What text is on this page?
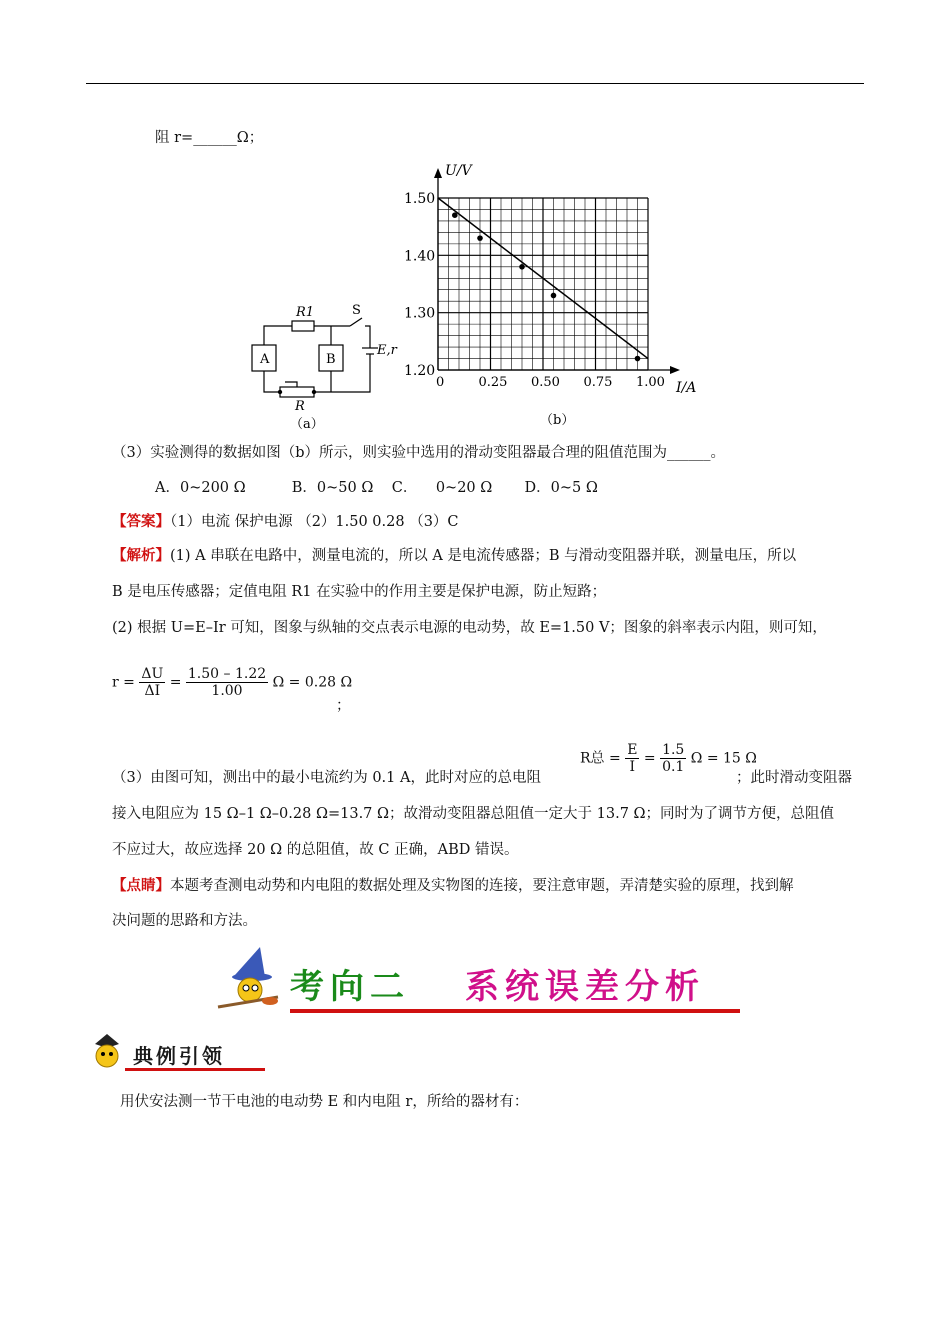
阻 r=______Ω；
A	B
R1	S
E,r
R
（a）
U/V
I/A
1.50
1.40
1.30
1.20
0	0.25 0.50 0.75 1.00
（b）
（3）实验测得的数据如图（b）所示，则实验中选用的滑动变阻器最合理的阻值范围为______。
A．0~200 Ω          B．0~50 Ω    C．    0~20 Ω       D．0~5 Ω
【答案】（1）电流 保护电源 （2）1.50 0.28 （3）C
【解析】(1) A 串联在电路中，测量电流的，所以 A 是电流传感器；B 与滑动变阻器并联，测量电压，所以
B 是电压传感器；定值电阻 R1 在实验中的作用主要是保护电源，防止短路；
(2) 根据 U=E–Ir 可知，图象与纵轴的交点表示电源的电动势，故 E=1.50 V；图象的斜率表示内阻，则可知，
$r = \frac{\Delta U}{\Delta I} = \frac{1.50 - 1.22}{1.00}$ Ω = 0.28 Ω
；
（3）由图可知，测出中的最小电流约为 0.1 A，此时对应的总电阻
R总 = $\frac{E}{I} = \frac{1.5}{0.1}$ Ω = 15 Ω
；此时滑动变阻器
接入电阻应为 15 Ω–1 Ω–0.28 Ω=13.7 Ω；故滑动变阻器总阻值一定大于 13.7 Ω；同时为了调节方便，总阻值
不应过大，故应选择 20 Ω 的总阻值，故 C 正确，ABD 错误。
【点睛】本题考查测电动势和内电阻的数据处理及实物图的连接，要注意审题，弄清楚实验的原理，找到解
决问题的思路和方法。
考向二 系统误差分析
典例引领
用伏安法测一节干电池的电动势 E 和内电阻 r，所给的器材有：
